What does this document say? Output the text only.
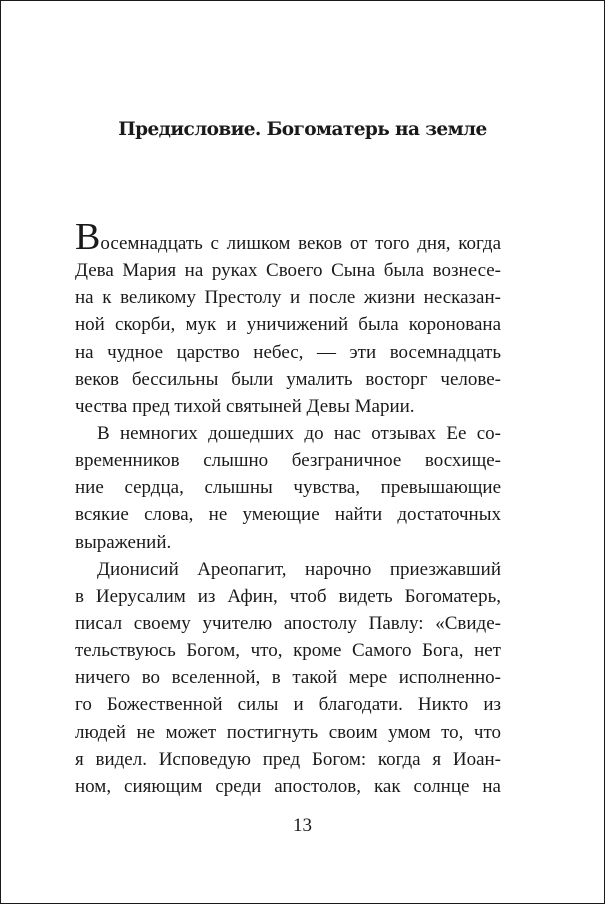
Предисловие. Богоматерь на земле
Восемнадцать с лишком веков от того дня, когда
Дева Мария на руках Своего Сына была вознесе-
на к великому Престолу и после жизни несказан-
ной скорби, мук и уничижений была коронована
на чудное царство небес, — эти восемнадцать
веков бессильны были умалить восторг челове-
чества пред тихой святыней Девы Марии.
В немногих дошедших до нас отзывах Ее со-
временников слышно безграничное восхище-
ние сердца, слышны чувства, превышающие
всякие слова, не умеющие найти достаточных
выражений.
Дионисий Ареопагит, нарочно приезжавший
в Иерусалим из Афин, чтоб видеть Богоматерь,
писал своему учителю апостолу Павлу: «Свиде-
тельствуюсь Богом, что, кроме Самого Бога, нет
ничего во вселенной, в такой мере исполненно-
го Божественной силы и благодати. Никто из
людей не может постигнуть своим умом то, что
я видел. Исповедую пред Богом: когда я Иоан-
ном, сияющим среди апостолов, как солнце на
13
